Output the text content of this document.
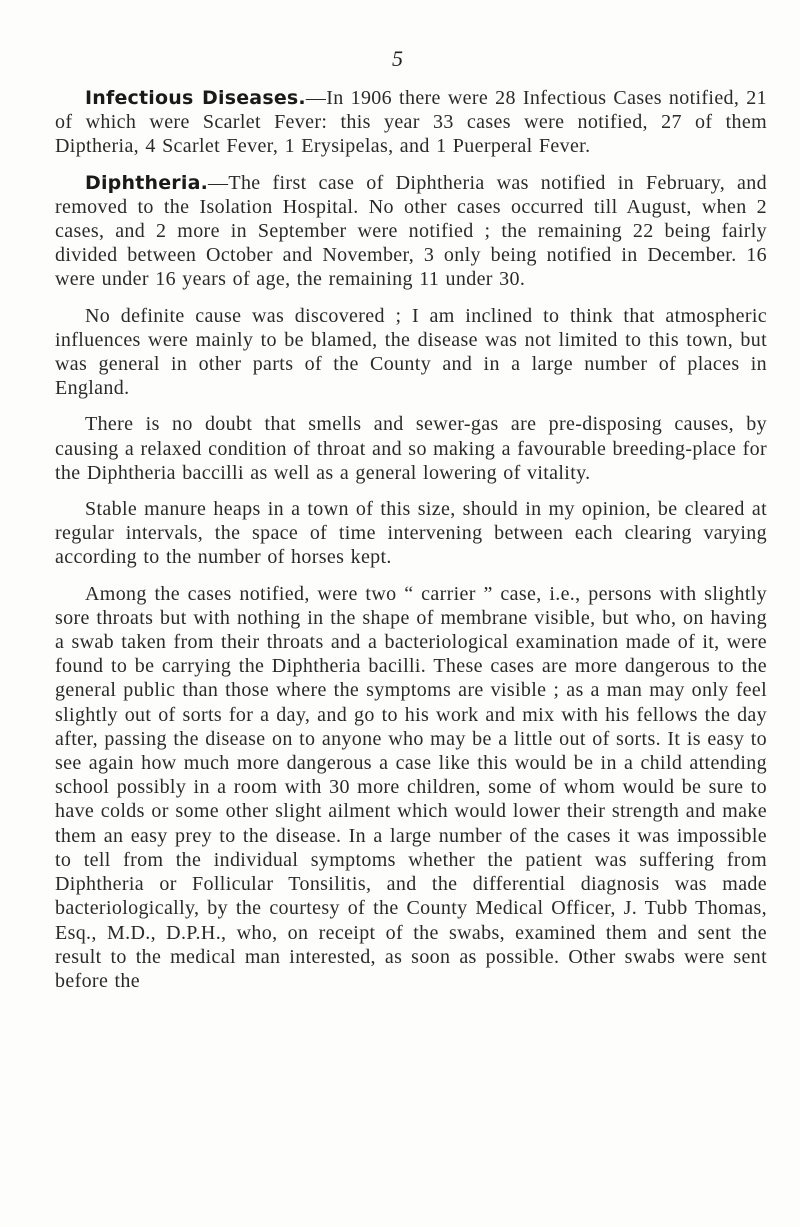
5

Infectious Diseases.—In 1906 there were 28 Infectious Cases notified, 21 of which were Scarlet Fever: this year 33 cases were notified, 27 of them Diptheria, 4 Scarlet Fever, 1 Erysipelas, and 1 Puerperal Fever.

Diphtheria.—The first case of Diphtheria was notified in February, and removed to the Isolation Hospital. No other cases occurred till August, when 2 cases, and 2 more in September were notified ; the remaining 22 being fairly divided between October and November, 3 only being notified in December. 16 were under 16 years of age, the remaining 11 under 30.

No definite cause was discovered ; I am inclined to think that atmospheric influences were mainly to be blamed, the disease was not limited to this town, but was general in other parts of the County and in a large number of places in England.

There is no doubt that smells and sewer-gas are pre-disposing causes, by causing a relaxed condition of throat and so making a favourable breeding-place for the Diphtheria baccilli as well as a general lowering of vitality.

Stable manure heaps in a town of this size, should in my opinion, be cleared at regular intervals, the space of time intervening between each clearing varying according to the number of horses kept.

Among the cases notified, were two “ carrier ” case, i.e., persons with slightly sore throats but with nothing in the shape of membrane visible, but who, on having a swab taken from their throats and a bacteriological examination made of it, were found to be carrying the Diphtheria bacilli. These cases are more dangerous to the general public than those where the symptoms are visible ; as a man may only feel slightly out of sorts for a day, and go to his work and mix with his fellows the day after, passing the disease on to anyone who may be a little out of sorts. It is easy to see again how much more dangerous a case like this would be in a child attending school possibly in a room with 30 more children, some of whom would be sure to have colds or some other slight ailment which would lower their strength and make them an easy prey to the disease. In a large number of the cases it was impossible to tell from the individual symptoms whether the patient was suffering from Diphtheria or Follicular Tonsilitis, and the differential diagnosis was made bacteriologically, by the courtesy of the County Medical Officer, J. Tubb Thomas, Esq., M.D., D.P.H., who, on receipt of the swabs, examined them and sent the result to the medical man interested, as soon as possible. Other swabs were sent before the
